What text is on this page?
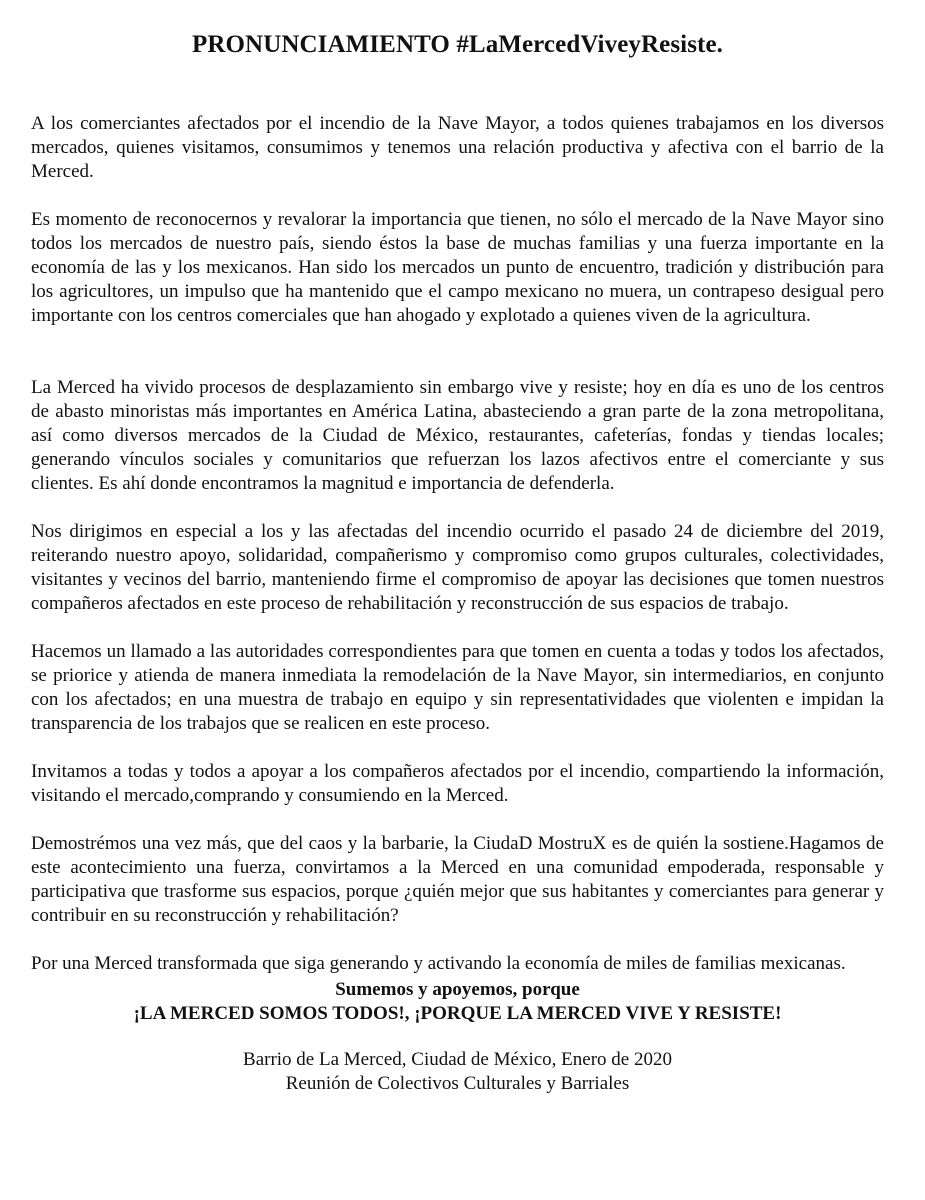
PRONUNCIAMIENTO #LaMercedViveyResiste.

A los comerciantes afectados por el incendio de la Nave Mayor, a todos quienes trabajamos en los diversos mercados, quienes visitamos, consumimos y tenemos una relación productiva y afectiva con el barrio de la Merced.

Es momento de reconocernos y revalorar la importancia que tienen, no sólo el mercado de la Nave Mayor sino todos los mercados de nuestro país, siendo éstos la base de muchas familias y una fuerza importante en la economía de las y los mexicanos. Han sido los mercados un punto de encuentro, tradición y distribución para los agricultores, un impulso que ha mantenido que el campo mexicano no muera, un contrapeso desigual pero importante con los centros comerciales que han ahogado y explotado a quienes viven de la agricultura.

La Merced ha vivido procesos de desplazamiento sin embargo vive y resiste; hoy en día es uno de los centros de abasto minoristas más importantes en América Latina, abasteciendo a gran parte de la zona metropolitana, así como diversos mercados de la Ciudad de México, restaurantes, cafeterías, fondas y tiendas locales; generando vínculos sociales y comunitarios que refuerzan los lazos afectivos entre el comerciante y sus clientes. Es ahí donde encontramos la magnitud e importancia de defenderla.

Nos dirigimos en especial a los y las afectadas del incendio ocurrido el pasado 24 de diciembre del 2019, reiterando nuestro apoyo, solidaridad, compañerismo y compromiso como grupos culturales, colectividades, visitantes y vecinos del barrio, manteniendo firme el compromiso de apoyar las decisiones que tomen nuestros compañeros afectados en este proceso de rehabilitación y reconstrucción de sus espacios de trabajo.

Hacemos un llamado a las autoridades correspondientes para que tomen en cuenta a todas y todos los afectados, se priorice y atienda de manera inmediata la remodelación de la Nave Mayor, sin intermediarios, en conjunto con los afectados; en una muestra de trabajo en equipo y sin representatividades que violenten e impidan la transparencia de los trabajos que se realicen en este proceso.

Invitamos a todas y todos a apoyar a los compañeros afectados por el incendio, compartiendo la información, visitando el mercado,comprando y consumiendo en la Merced.

Demostrémos una vez más, que del caos y la barbarie, la CiudaD MostruX es de quién la sostiene.Hagamos de este acontecimiento una fuerza, convirtamos a la Merced en una comunidad empoderada, responsable y participativa que trasforme sus espacios, porque ¿quién mejor que sus habitantes y comerciantes para generar y contribuir en su reconstrucción y rehabilitación?

Por una Merced transformada que siga generando y activando la economía de miles de familias mexicanas.

Sumemos y apoyemos, porque
¡LA MERCED SOMOS TODOS!, ¡PORQUE LA MERCED VIVE Y RESISTE!
Barrio de La Merced, Ciudad de México, Enero de 2020
Reunión de Colectivos Culturales y Barriales
